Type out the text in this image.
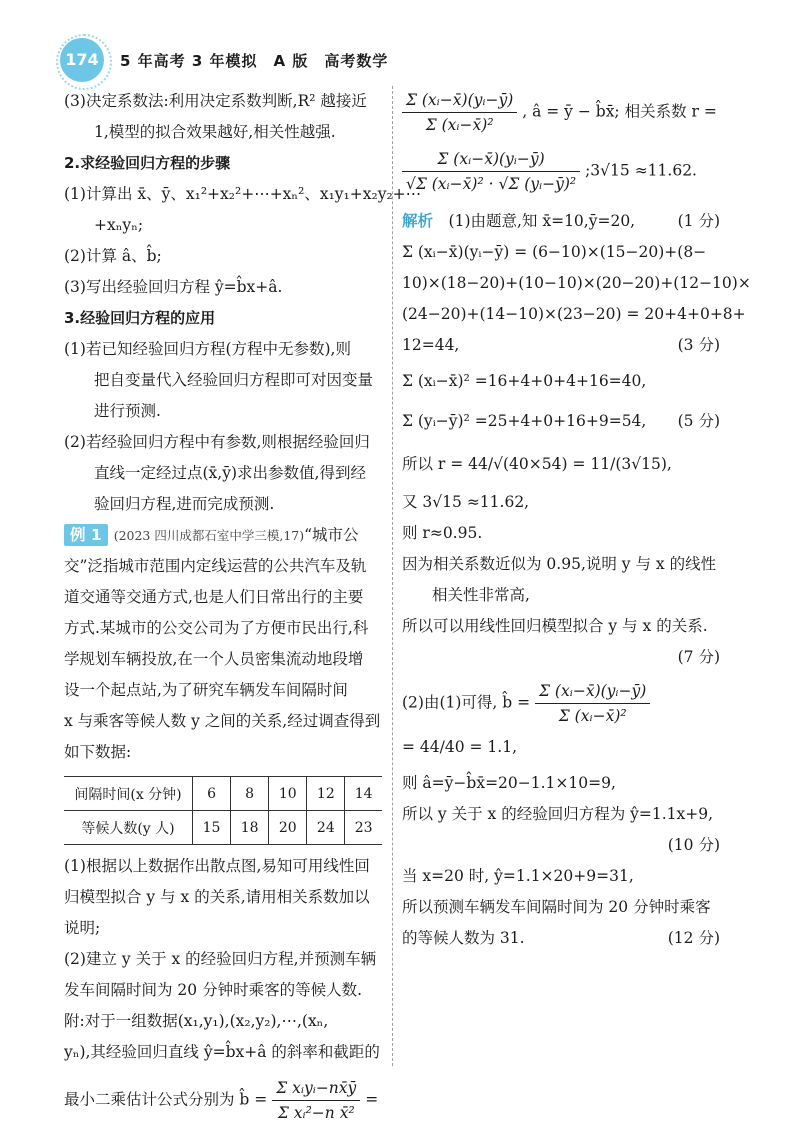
174	5 年高考 3 年模拟　A 版　高考数学
(3)决定系数法:利用决定系数判断,R² 越接近
1,模型的拟合效果越好,相关性越强.
2.求经验回归方程的步骤
(1)计算出 x̄、ȳ、x₁²+x₂²+⋯+xₙ²、x₁y₁+x₂y₂+⋯
+xₙyₙ;
(2)计算 â、b̂;
(3)写出经验回归方程 ŷ=b̂x+â.
3.经验回归方程的应用
(1)若已知经验回归方程(方程中无参数),则
把自变量代入经验回归方程即可对因变量
进行预测.
(2)若经验回归方程中有参数,则根据经验回归
直线一定经过点(x̄,ȳ)求出参数值,得到经
验回归方程,进而完成预测.
例 1 (2023 四川成都石室中学三模,17)“城市公
交”泛指城市范围内定线运营的公共汽车及轨
道交通等交通方式,也是人们日常出行的主要
方式.某城市的公交公司为了方便市民出行,科
学规划车辆投放,在一个人员密集流动地段增
设一个起点站,为了研究车辆发车间隔时间
x 与乘客等候人数 y 之间的关系,经过调查得到
如下数据:
间隔时间(x 分钟)	6	8	10	12	14
等候人数(y 人)	15	18	20	24	23
(1)根据以上数据作出散点图,易知可用线性回
归模型拟合 y 与 x 的关系,请用相关系数加以
说明;
(2)建立 y 关于 x 的经验回归方程,并预测车辆
发车间隔时间为 20 分钟时乘客的等候人数.
附:对于一组数据(x₁,y₁),(x₂,y₂),⋯,(xₙ,
yₙ),其经验回归直线 ŷ=b̂x+â 的斜率和截距的
最小二乘估计公式分别为 b̂ = $\frac{\text{Σ xᵢyᵢ−nx̄ȳ}}{\text{Σ xᵢ²−n x̄²}}$ =
$\frac{\text{Σ (xᵢ−x̄)(yᵢ−ȳ)}}{\text{Σ (xᵢ−x̄)²}}$ , â = ȳ − b̂x̄; 相关系数 r =
$\frac{\text{Σ (xᵢ−x̄)(yᵢ−ȳ)}}{\text{√Σ (xᵢ−x̄)² · √Σ (yᵢ−ȳ)²}}$ ;3√15 ≈11.62.
解析　 (1)由题意,知 x̄=10,ȳ=20,	(1 分)
Σ (xᵢ−x̄)(yᵢ−ȳ) = (6−10)×(15−20)+(8−
10)×(18−20)+(10−10)×(20−20)+(12−10)×
(24−20)+(14−10)×(23−20) = 20+4+0+8+
12=44,	(3 分)
Σ (xᵢ−x̄)² =16+4+0+4+16=40,
Σ (yᵢ−ȳ)² =25+4+0+16+9=54, (5 分)
所以 r = 44/√(40×54) = 11/(3√15),
又 3√15 ≈11.62,
则 r≈0.95.
因为相关系数近似为 0.95,说明 y 与 x 的线性
相关性非常高,
所以可以用线性回归模型拟合 y 与 x 的关系.
(7 分)
(2)由(1)可得, b̂ = $\frac{\text{Σ (xᵢ−x̄)(yᵢ−ȳ)}}{\text{Σ (xᵢ−x̄)²}}$
= 44/40 = 1.1,
则 â=ȳ−b̂x̄=20−1.1×10=9,
所以 y 关于 x 的经验回归方程为 ŷ=1.1x+9,
(10 分)
当 x=20 时, ŷ=1.1×20+9=31,
所以预测车辆发车间隔时间为 20 分钟时乘客
的等候人数为 31.	(12 分)
